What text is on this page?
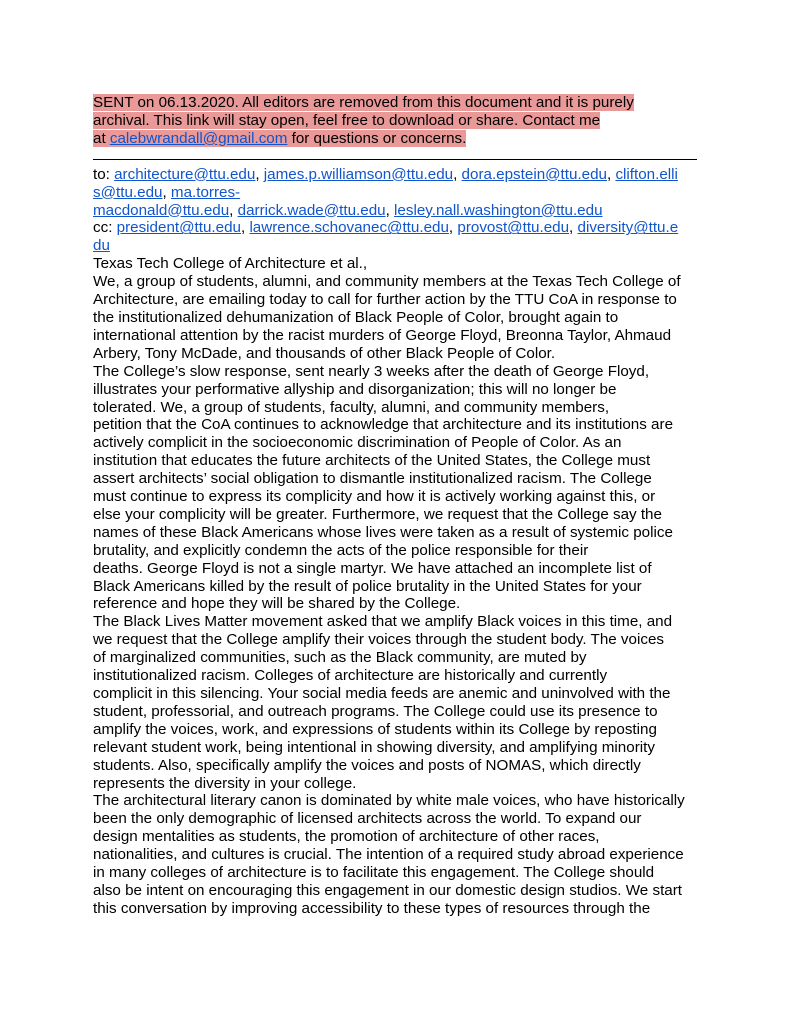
SENT on 06.13.2020. All editors are removed from this document and it is purely
archival. This link will stay open, feel free to download or share. Contact me
at calebwrandall@gmail.com for questions or concerns.
to: architecture@ttu.edu, james.p.williamson@ttu.edu, dora.epstein@ttu.edu, clifton.elli
s@ttu.edu, ma.torres-
macdonald@ttu.edu, darrick.wade@ttu.edu, lesley.nall.washington@ttu.edu
cc: president@ttu.edu, lawrence.schovanec@ttu.edu, provost@ttu.edu, diversity@ttu.e
du
Texas Tech College of Architecture et al.,
We, a group of students, alumni, and community members at the Texas Tech College of
Architecture, are emailing today to call for further action by the TTU CoA in response to
the institutionalized dehumanization of Black People of Color, brought again to
international attention by the racist murders of George Floyd, Breonna Taylor, Ahmaud
Arbery, Tony McDade, and thousands of other Black People of Color.
The College’s slow response, sent nearly 3 weeks after the death of George Floyd,
illustrates your performative allyship and disorganization; this will no longer be
tolerated. We, a group of students, faculty, alumni, and community members,
petition that the CoA continues to acknowledge that architecture and its institutions are
actively complicit in the socioeconomic discrimination of People of Color. As an
institution that educates the future architects of the United States, the College must
assert architects’ social obligation to dismantle institutionalized racism. The College
must continue to express its complicity and how it is actively working against this, or
else your complicity will be greater. Furthermore, we request that the College say the
names of these Black Americans whose lives were taken as a result of systemic police
brutality, and explicitly condemn the acts of the police responsible for their
deaths. George Floyd is not a single martyr. We have attached an incomplete list of
Black Americans killed by the result of police brutality in the United States for your
reference and hope they will be shared by the College.
The Black Lives Matter movement asked that we amplify Black voices in this time, and
we request that the College amplify their voices through the student body. The voices
of marginalized communities, such as the Black community, are muted by
institutionalized racism. Colleges of architecture are historically and currently
complicit in this silencing. Your social media feeds are anemic and uninvolved with the
student, professorial, and outreach programs. The College could use its presence to
amplify the voices, work, and expressions of students within its College by reposting
relevant student work, being intentional in showing diversity, and amplifying minority
students. Also, specifically amplify the voices and posts of NOMAS, which directly
represents the diversity in your college.
The architectural literary canon is dominated by white male voices, who have historically
been the only demographic of licensed architects across the world. To expand our
design mentalities as students, the promotion of architecture of other races,
nationalities, and cultures is crucial. The intention of a required study abroad experience
in many colleges of architecture is to facilitate this engagement. The College should
also be intent on encouraging this engagement in our domestic design studios. We start
this conversation by improving accessibility to these types of resources through the
